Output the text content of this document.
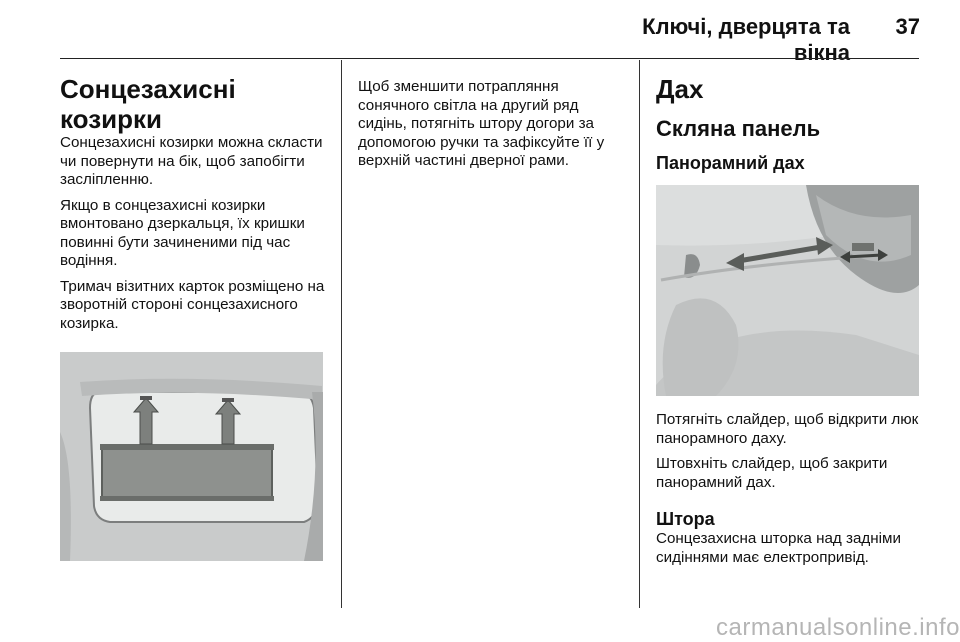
Ключі, дверцята та вікна
37
Сонцезахисні козирки

Сонцезахисні козирки можна скласти чи повернути на бік, щоб запобігти засліпленню.

Якщо в сонцезахисні козирки вмонтовано дзеркальця, їх кришки повинні бути зачиненими під час водіння.

Тримач візитних карток розміщено на зворотній стороні сонцезахисного козирка.

Щоб зменшити потрапляння сонячного світла на другий ряд сидінь, потягніть штору догори за допомогою ручки та зафіксуйте її у верхній частині дверної рами.

Дах
Скляна панель
Панорамний дах

Потягніть слайдер, щоб відкрити люк панорамного даху.

Штовхніть слайдер, щоб закрити панорамний дах.

Штора

Сонцезахисна шторка над задніми сидіннями має електропривід.

carmanualsonline.info
